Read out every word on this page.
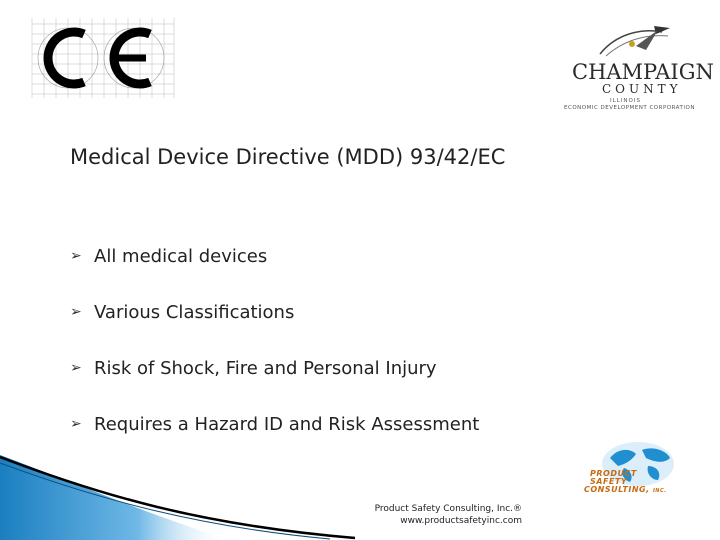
CHAMPAIGN
COUNTY
ILLINOIS
ECONOMIC DEVELOPMENT CORPORATION
Medical Device Directive (MDD) 93/42/EC
➢ All medical devices
➢ Various Classifications
➢ Risk of Shock, Fire and Personal Injury
➢ Requires a Hazard ID and Risk Assessment
PRODUCT
SAFETY
CONSULTING, INC.
Product Safety Consulting, Inc.®
www.productsafetyinc.com
